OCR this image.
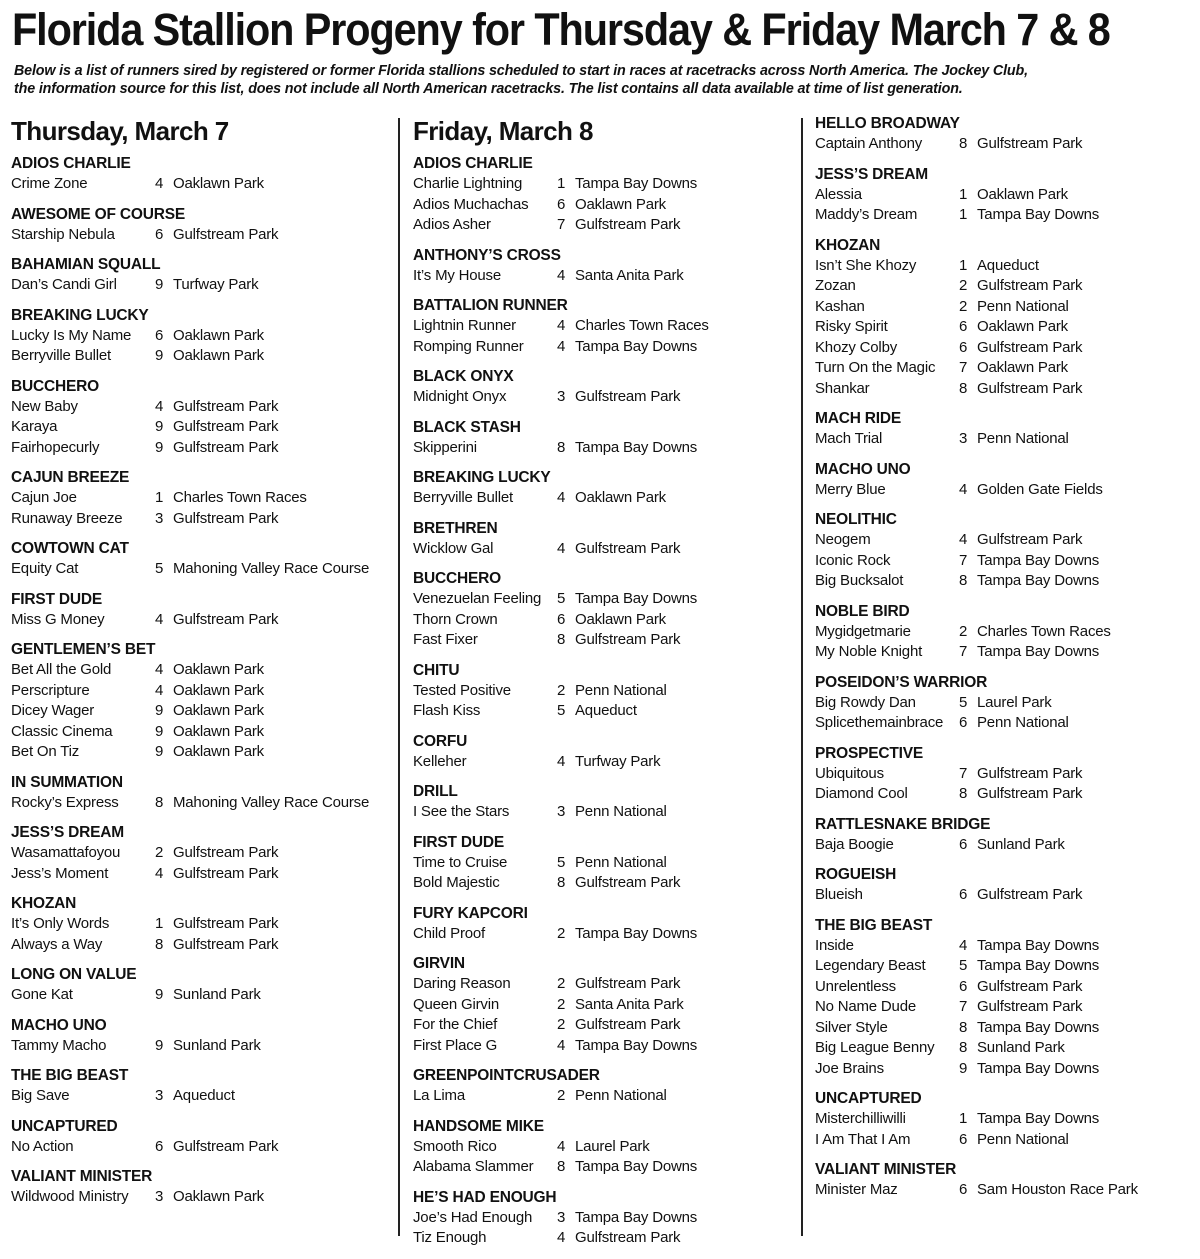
Florida Stallion Progeny for Thursday & Friday March 7 & 8
Below is a list of runners sired by registered or former Florida stallions scheduled to start in races at racetracks across North America. The Jockey Club,
the information source for this list, does not include all North American racetracks. The list contains all data available at time of list generation.
Thursday, March 7
ADIOS CHARLIE
Crime Zone	4 Oaklawn Park
AWESOME OF COURSE
Starship Nebula	6 Gulfstream Park
BAHAMIAN SQUALL
Dan’s Candi Girl	9 Turfway Park
BREAKING LUCKY
Lucky Is My Name 6 Oaklawn Park
Berryville Bullet	9 Oaklawn Park
BUCCHERO
New Baby	4 Gulfstream Park
Karaya	9 Gulfstream Park
Fairhopecurly	9 Gulfstream Park
CAJUN BREEZE
Cajun Joe	1 Charles Town Races
Runaway Breeze 3 Gulfstream Park
COWTOWN CAT
Equity Cat	5 Mahoning Valley Race Course
FIRST DUDE
Miss G Money	4 Gulfstream Park
GENTLEMEN’S BET
Bet All the Gold	4 Oaklawn Park
Perscripture	4 Oaklawn Park
Dicey Wager	9 Oaklawn Park
Classic Cinema	9 Oaklawn Park
Bet On Tiz	9 Oaklawn Park
IN SUMMATION
Rocky’s Express 8 Mahoning Valley Race Course
JESS’S DREAM
Wasamattafoyou 2 Gulfstream Park
Jess’s Moment	4 Gulfstream Park
KHOZAN
It’s Only Words	1 Gulfstream Park
Always a Way	8 Gulfstream Park
LONG ON VALUE
Gone Kat	9 Sunland Park
MACHO UNO
Tammy Macho	9 Sunland Park
THE BIG BEAST
Big Save	3 Aqueduct
UNCAPTURED
No Action	6 Gulfstream Park
VALIANT MINISTER
Wildwood Ministry 3 Oaklawn Park
Friday, March 8
ADIOS CHARLIE
Charlie Lightning 1 Tampa Bay Downs
Adios Muchachas 6 Oaklawn Park
Adios Asher	7 Gulfstream Park
ANTHONY’S CROSS
It’s My House	4 Santa Anita Park
BATTALION RUNNER
Lightnin Runner	4 Charles Town Races
Romping Runner 4 Tampa Bay Downs
BLACK ONYX
Midnight Onyx	3 Gulfstream Park
BLACK STASH
Skipperini	8 Tampa Bay Downs
BREAKING LUCKY
Berryville Bullet	4 Oaklawn Park
BRETHREN
Wicklow Gal	4 Gulfstream Park
BUCCHERO
Venezuelan Feeling 5 Tampa Bay Downs
Thorn Crown	6 Oaklawn Park
Fast Fixer	8 Gulfstream Park
CHITU
Tested Positive	2 Penn National
Flash Kiss	5 Aqueduct
CORFU
Kelleher	4 Turfway Park
DRILL
I See the Stars	3 Penn National
FIRST DUDE
Time to Cruise	5 Penn National
Bold Majestic	8 Gulfstream Park
FURY KAPCORI
Child Proof	2 Tampa Bay Downs
GIRVIN
Daring Reason	2 Gulfstream Park
Queen Girvin	2 Santa Anita Park
For the Chief	2 Gulfstream Park
First Place G	4 Tampa Bay Downs
GREENPOINTCRUSADER
La Lima	2 Penn National
HANDSOME MIKE
Smooth Rico	4 Laurel Park
Alabama Slammer 8 Tampa Bay Downs
HE’S HAD ENOUGH
Joe’s Had Enough 3 Tampa Bay Downs
Tiz Enough	4 Gulfstream Park
HELLO BROADWAY
Captain Anthony 8 Gulfstream Park
JESS’S DREAM
Alessia	1 Oaklawn Park
Maddy’s Dream	1 Tampa Bay Downs
KHOZAN
Isn’t She Khozy	1 Aqueduct
Zozan	2 Gulfstream Park
Kashan	2 Penn National
Risky Spirit	6 Oaklawn Park
Khozy Colby	6 Gulfstream Park
Turn On the Magic 7 Oaklawn Park
Shankar	8 Gulfstream Park
MACH RIDE
Mach Trial	3 Penn National
MACHO UNO
Merry Blue	4 Golden Gate Fields
NEOLITHIC
Neogem	4 Gulfstream Park
Iconic Rock	7 Tampa Bay Downs
Big Bucksalot	8 Tampa Bay Downs
NOBLE BIRD
Mygidgetmarie	2 Charles Town Races
My Noble Knight 7 Tampa Bay Downs
POSEIDON’S WARRIOR
Big Rowdy Dan	5 Laurel Park
Splicethemainbrace 6 Penn National
PROSPECTIVE
Ubiquitous	7 Gulfstream Park
Diamond Cool	8 Gulfstream Park
RATTLESNAKE BRIDGE
Baja Boogie	6 Sunland Park
ROGUEISH
Blueish	6 Gulfstream Park
THE BIG BEAST
Inside	4 Tampa Bay Downs
Legendary Beast 5 Tampa Bay Downs
Unrelentless	6 Gulfstream Park
No Name Dude	7 Gulfstream Park
Silver Style	8 Tampa Bay Downs
Big League Benny 8 Sunland Park
Joe Brains	9 Tampa Bay Downs
UNCAPTURED
Misterchilliwilli	1 Tampa Bay Downs
I Am That I Am	6 Penn National
VALIANT MINISTER
Minister Maz	6 Sam Houston Race Park
